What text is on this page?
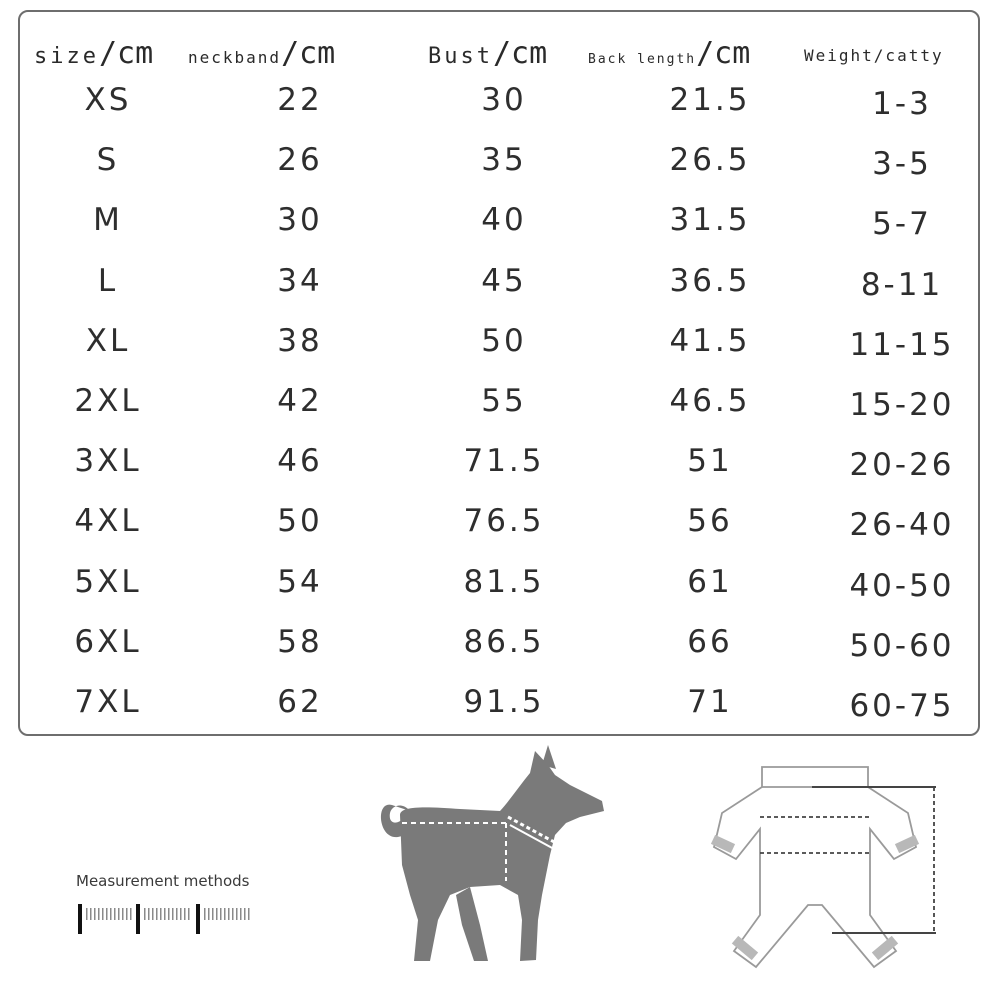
size/cm neckband/cm	Bust/cm	Back length/cm	Weight/catty
XS	22	30	21.5	1-3
S	26	35	26.5	3-5
M	30	40	31.5	5-7
L	34	45	36.5	8-11
XL	38	50	41.5	11-15
2XL	42	55	46.5	15-20
3XL	46	71.5	51	20-26
4XL	50	76.5	56	26-40
5XL	54	81.5	61	40-50
6XL	58	86.5	66	50-60
7XL	62	91.5	71	60-75
Measurement methods
